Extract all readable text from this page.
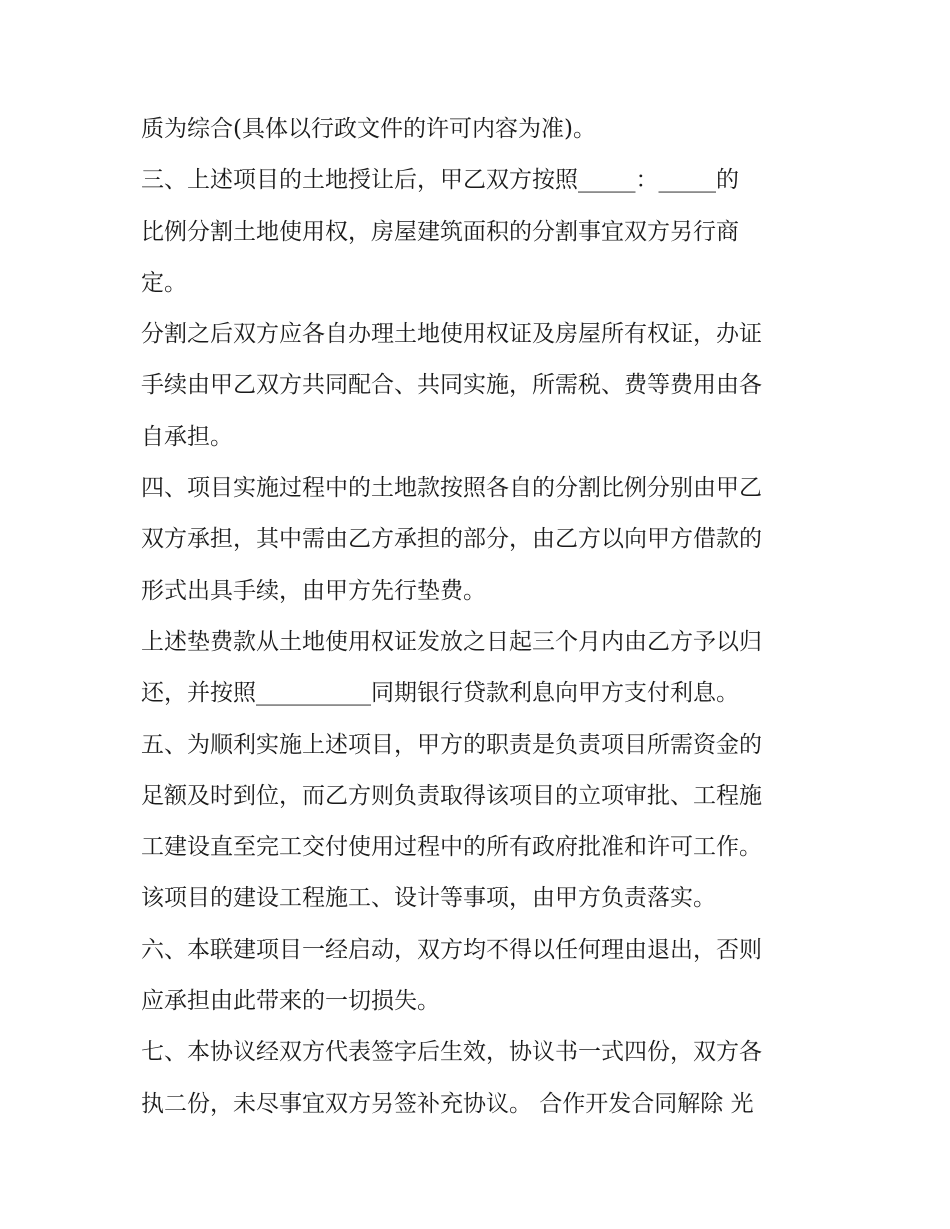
质为综合(具体以行政文件的许可内容为准)。

三、上述项目的土地授让后，甲乙双方按照_____：_____的

比例分割土地使用权，房屋建筑面积的分割事宜双方另行商

定。

分割之后双方应各自办理土地使用权证及房屋所有权证，办证

手续由甲乙双方共同配合、共同实施，所需税、费等费用由各

自承担。

四、项目实施过程中的土地款按照各自的分割比例分别由甲乙

双方承担，其中需由乙方承担的部分，由乙方以向甲方借款的

形式出具手续，由甲方先行垫费。

上述垫费款从土地使用权证发放之日起三个月内由乙方予以归

还，并按照__________同期银行贷款利息向甲方支付利息。

五、为顺利实施上述项目，甲方的职责是负责项目所需资金的

足额及时到位，而乙方则负责取得该项目的立项审批、工程施

工建设直至完工交付使用过程中的所有政府批准和许可工作。

该项目的建设工程施工、设计等事项，由甲方负责落实。

六、本联建项目一经启动，双方均不得以任何理由退出，否则

应承担由此带来的一切损失。

七、本协议经双方代表签字后生效，协议书一式四份，双方各

执二份，未尽事宜双方另签补充协议。 合作开发合同解除 光
